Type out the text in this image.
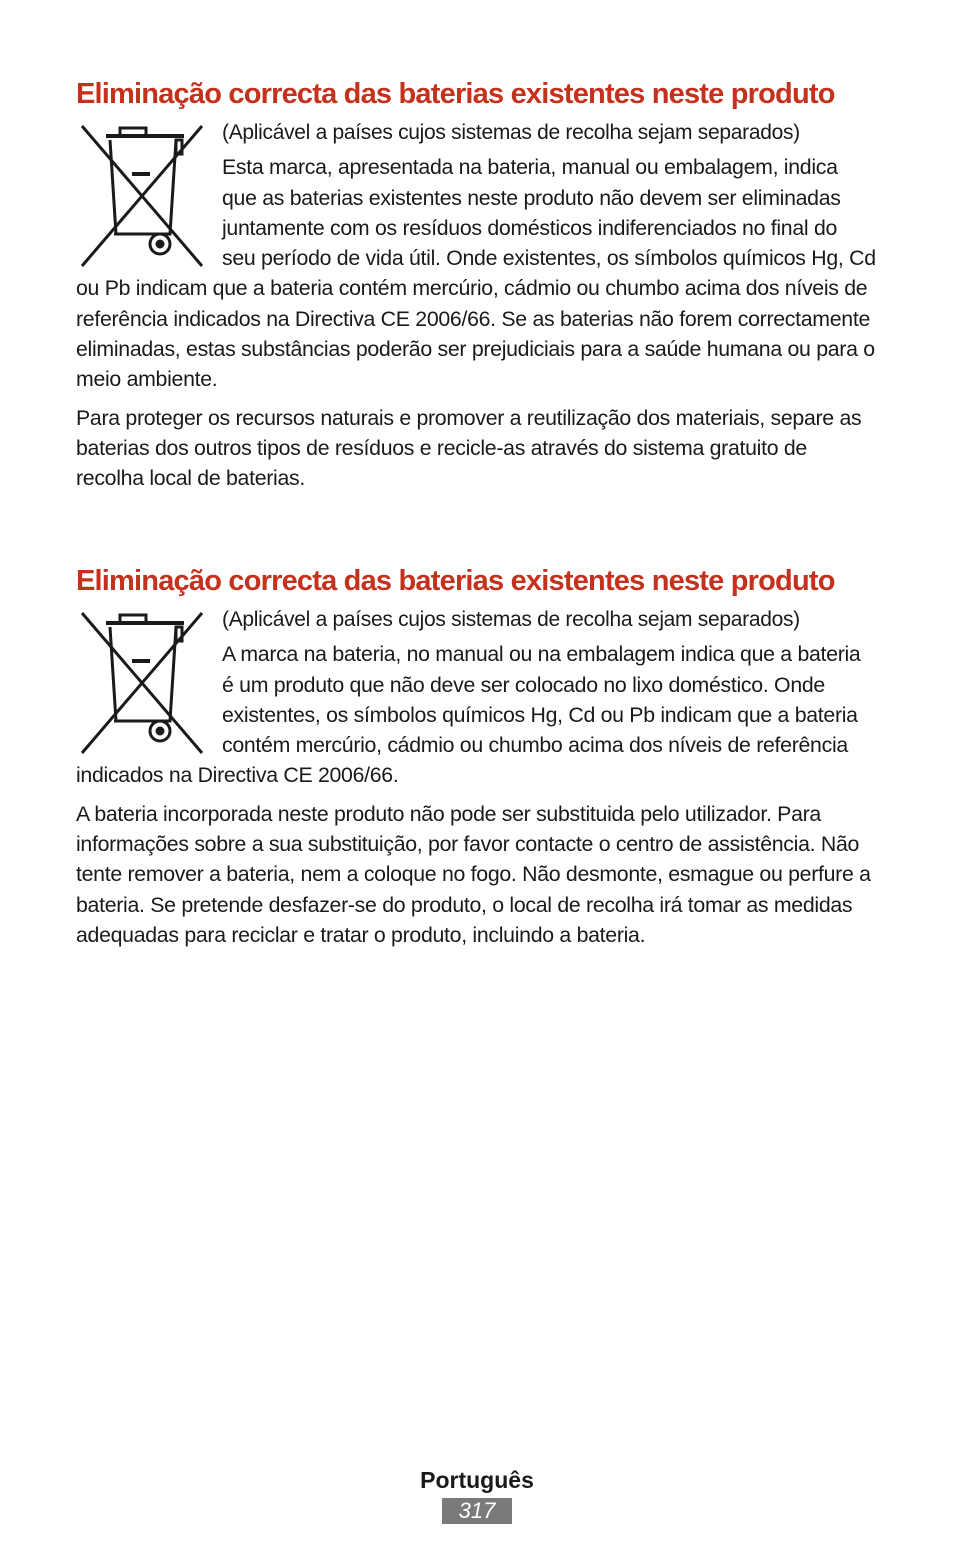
Eliminação correcta das baterias existentes neste produto

(Aplicável a países cujos sistemas de recolha sejam separados)

Esta marca, apresentada na bateria, manual ou embalagem, indica que as baterias existentes neste produto não devem ser eliminadas juntamente com os resíduos domésticos indiferenciados no final do seu período de vida útil. Onde existentes, os símbolos químicos Hg, Cd ou Pb indicam que a bateria contém mercúrio, cádmio ou chumbo acima dos níveis de referência indicados na Directiva CE 2006/66. Se as baterias não forem correctamente eliminadas, estas substâncias poderão ser prejudiciais para a saúde humana ou para o meio ambiente.

Para proteger os recursos naturais e promover a reutilização dos materiais, separe as baterias dos outros tipos de resíduos e recicle-as através do sistema gratuito de recolha local de baterias.

Eliminação correcta das baterias existentes neste produto

(Aplicável a países cujos sistemas de recolha sejam separados)

A marca na bateria, no manual ou na embalagem indica que a bateria é um produto que não deve ser colocado no lixo doméstico. Onde existentes, os símbolos químicos Hg, Cd ou Pb indicam que a bateria contém mercúrio, cádmio ou chumbo acima dos níveis de referência indicados na Directiva CE 2006/66.

A bateria incorporada neste produto não pode ser substituida pelo utilizador. Para informações sobre a sua substituição, por favor contacte o centro de assistência. Não tente remover a bateria, nem a coloque no fogo. Não desmonte, esmague ou perfure a bateria. Se pretende desfazer-se do produto, o local de recolha irá tomar as medidas adequadas para reciclar e tratar o produto, incluindo a bateria.

Português
317
